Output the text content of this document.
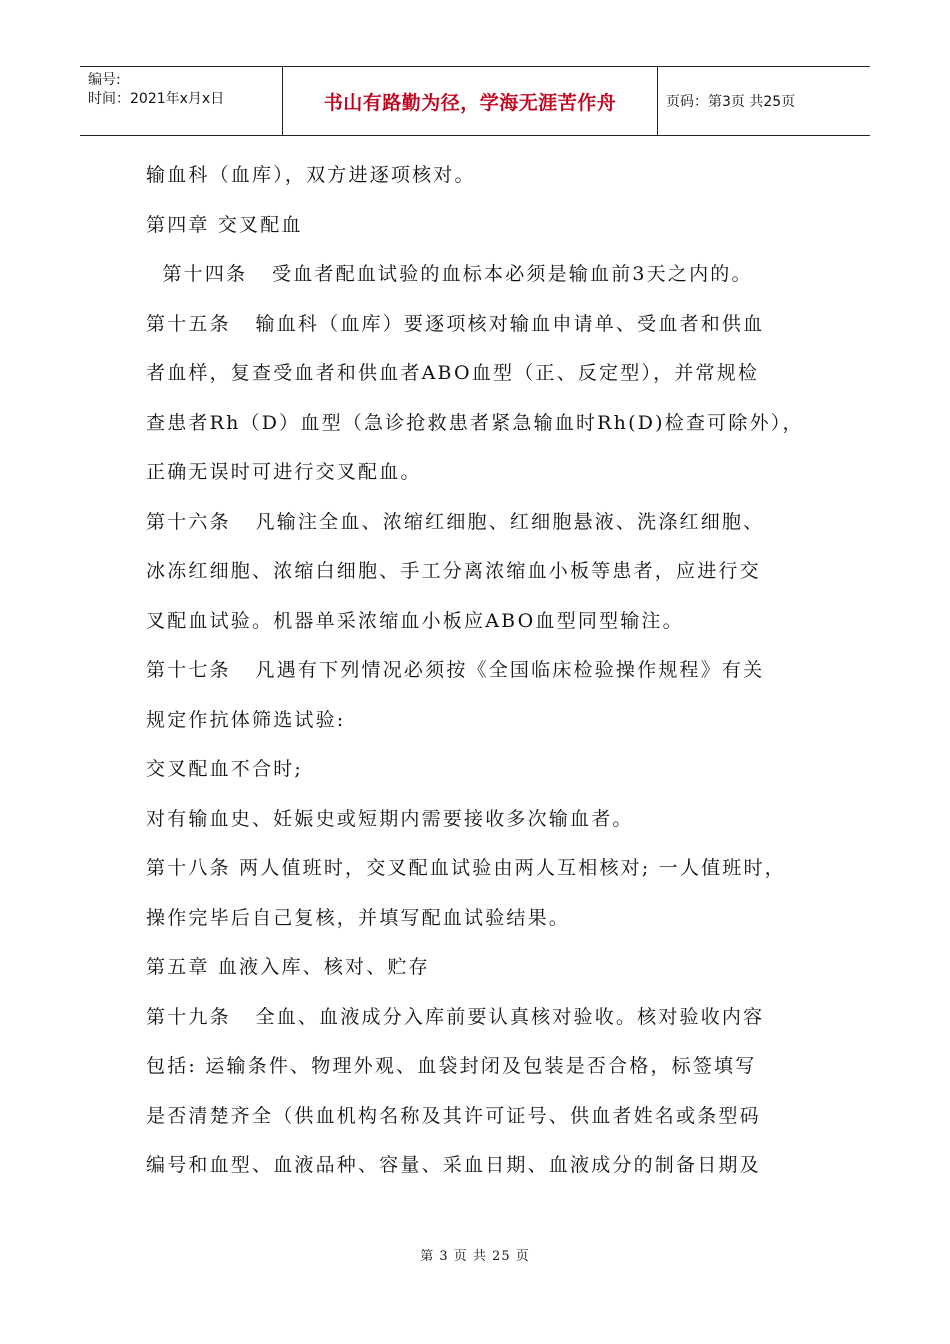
编号:
时间：2021年x月x日	书山有路勤为径，学海无涯苦作舟	页码：第3页 共25页
输血科（血库），双方进逐项核对。
第四章 交叉配血
第十四条   受血者配血试验的血标本必须是输血前3天之内的。
第十五条   输血科（血库）要逐项核对输血申请单、受血者和供血
者血样，复查受血者和供血者ABO血型（正、反定型），并常规检
查患者Rh（D）血型（急诊抢救患者紧急输血时Rh(D)检查可除外），
正确无误时可进行交叉配血。
第十六条   凡输注全血、浓缩红细胞、红细胞悬液、洗涤红细胞、
冰冻红细胞、浓缩白细胞、手工分离浓缩血小板等患者，应进行交
叉配血试验。机器单采浓缩血小板应ABO血型同型输注。
第十七条   凡遇有下列情况必须按《全国临床检验操作规程》有关
规定作抗体筛选试验:
交叉配血不合时;
对有输血史、妊娠史或短期内需要接收多次输血者。
第十八条 两人值班时，交叉配血试验由两人互相核对; 一人值班时，
操作完毕后自己复核，并填写配血试验结果。
第五章 血液入库、核对、贮存
第十九条   全血、血液成分入库前要认真核对验收。核对验收内容
包括: 运输条件、物理外观、血袋封闭及包装是否合格，标签填写
是否清楚齐全（供血机构名称及其许可证号、供血者姓名或条型码
编号和血型、血液品种、容量、采血日期、血液成分的制备日期及
第 3 页 共 25 页
